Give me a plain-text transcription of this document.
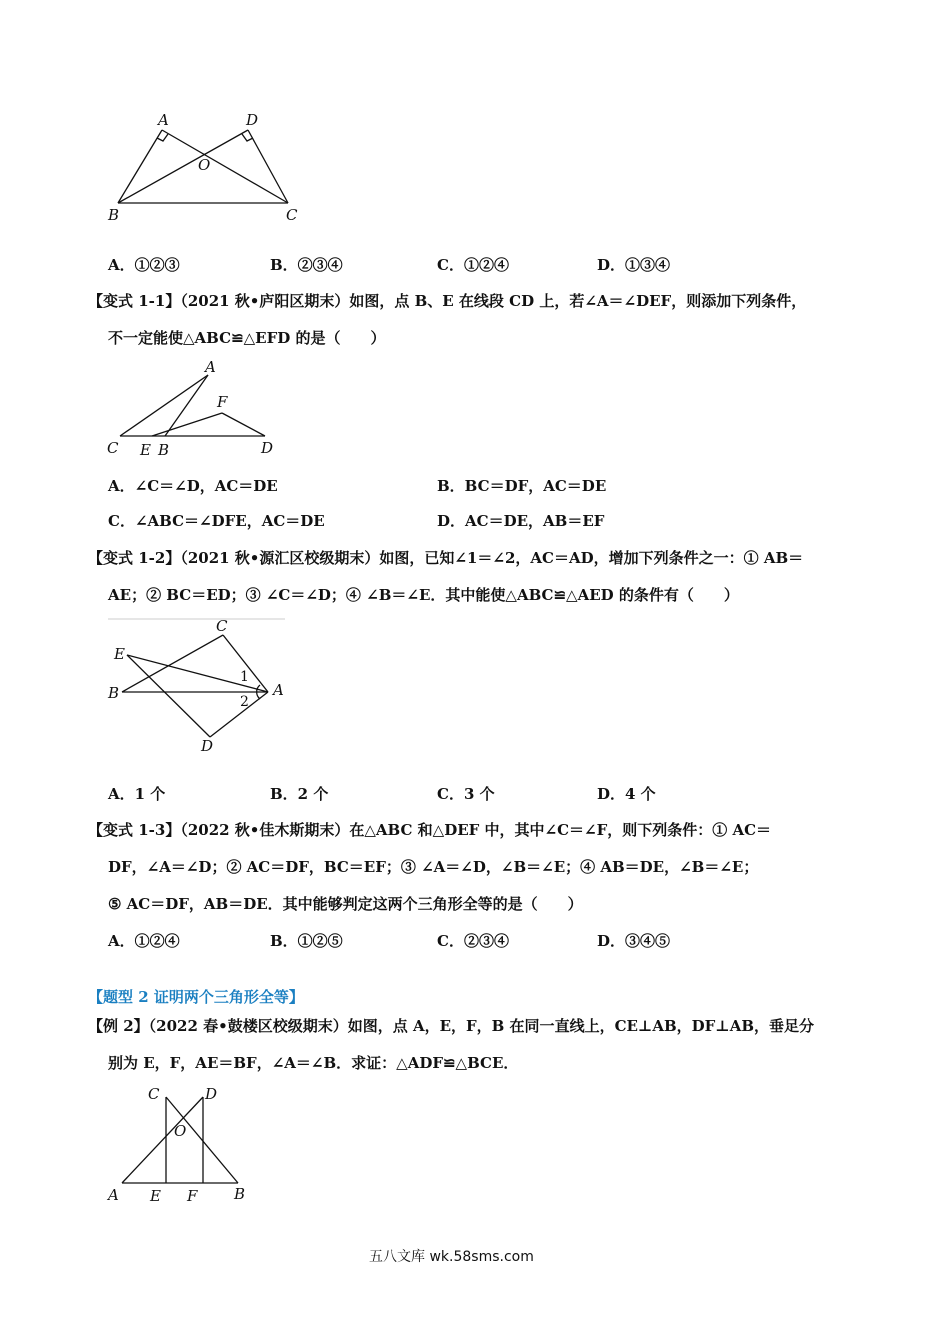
A	D
O
B	C
A．①②③	B．②③④	C．①②④	D．①③④
【变式 1-1】（2021 秋•庐阳区期末）如图，点 B、E 在线段 CD 上，若∠A＝∠DEF，则添加下列条件，
不一定能使△ABC≌△EFD 的是（　　）
A
F
C E B	D
A．∠C＝∠D，AC＝DE	B．BC＝DF，AC＝DE
C．∠ABC＝∠DFE，AC＝DE	D．AC＝DE，AB＝EF
【变式 1-2】（2021 秋•源汇区校级期末）如图，已知∠1＝∠2，AC＝AD，增加下列条件之一：① AB＝
AE；② BC＝ED；③ ∠C＝∠D；④ ∠B＝∠E．其中能使△ABC≌△AED 的条件有（　　）
C
E
B	A
1
2
D
A．1 个	B．2 个	C．3 个	D．4 个
【变式 1-3】（2022 秋•佳木斯期末）在△ABC 和△DEF 中，其中∠C＝∠F，则下列条件：① AC＝
DF，∠A＝∠D；② AC＝DF，BC＝EF；③ ∠A＝∠D，∠B＝∠E；④ AB＝DE，∠B＝∠E；
⑤ AC＝DF，AB＝DE．其中能够判定这两个三角形全等的是（　　）
A．①②④	B．①②⑤	C．②③④	D．③④⑤
【题型 2 证明两个三角形全等】
【例 2】（2022 春•鼓楼区校级期末）如图，点 A，E，F，B 在同一直线上，CE⊥AB，DF⊥AB，垂足分
别为 E，F，AE＝BF，∠A＝∠B．求证：△ADF≌△BCE．
C	D
O
A E F B
五八文库 wk.58sms.com
